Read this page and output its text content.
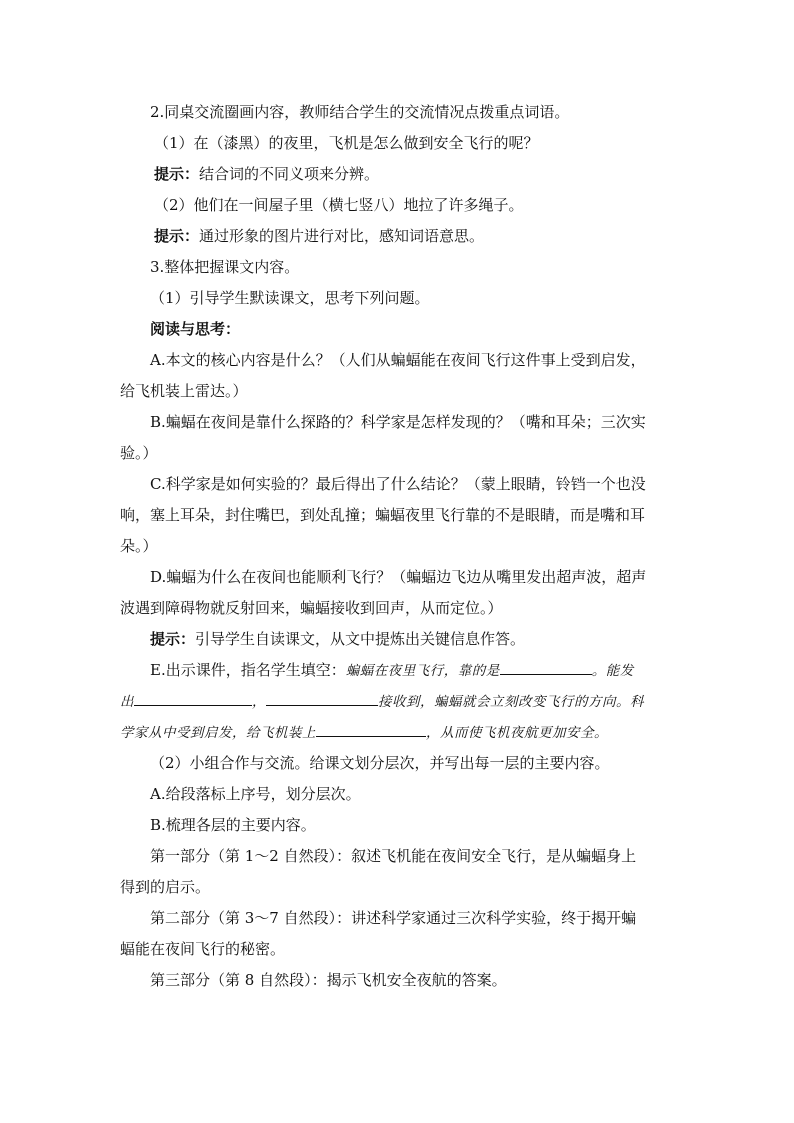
2.同桌交流圈画内容，教师结合学生的交流情况点拨重点词语。
（1）在（漆黑）的夜里，飞机是怎么做到安全飞行的呢？
提示：结合词的不同义项来分辨。
（2）他们在一间屋子里（横七竖八）地拉了许多绳子。
提示：通过形象的图片进行对比，感知词语意思。
3.整体把握课文内容。
（1）引导学生默读课文，思考下列问题。
阅读与思考：
A.本文的核心内容是什么？（人们从蝙蝠能在夜间飞行这件事上受到启发，
给飞机装上雷达。）
B.蝙蝠在夜间是靠什么探路的？科学家是怎样发现的？（嘴和耳朵；三次实
验。）
C.科学家是如何实验的？最后得出了什么结论？（蒙上眼睛，铃铛一个也没
响，塞上耳朵，封住嘴巴，到处乱撞；蝙蝠夜里飞行靠的不是眼睛，而是嘴和耳
朵。）
D.蝙蝠为什么在夜间也能顺利飞行？（蝙蝠边飞边从嘴里发出超声波，超声
波遇到障碍物就反射回来，蝙蝠接收到回声，从而定位。）
提示：引导学生自读课文，从文中提炼出关键信息作答。
E.出示课件，指名学生填空：蝙蝠在夜里飞行，靠的是	。能发
出	，	接收到，蝙蝠就会立刻改变飞行的方向。科
学家从中受到启发，给飞机装上	，从而使飞机夜航更加安全。
（2）小组合作与交流。给课文划分层次，并写出每一层的主要内容。
A.给段落标上序号，划分层次。
B.梳理各层的主要内容。
第一部分（第 1～2 自然段）：叙述飞机能在夜间安全飞行，是从蝙蝠身上
得到的启示。
第二部分（第 3～7 自然段）：讲述科学家通过三次科学实验，终于揭开蝙
蝠能在夜间飞行的秘密。
第三部分（第 8 自然段）：揭示飞机安全夜航的答案。
